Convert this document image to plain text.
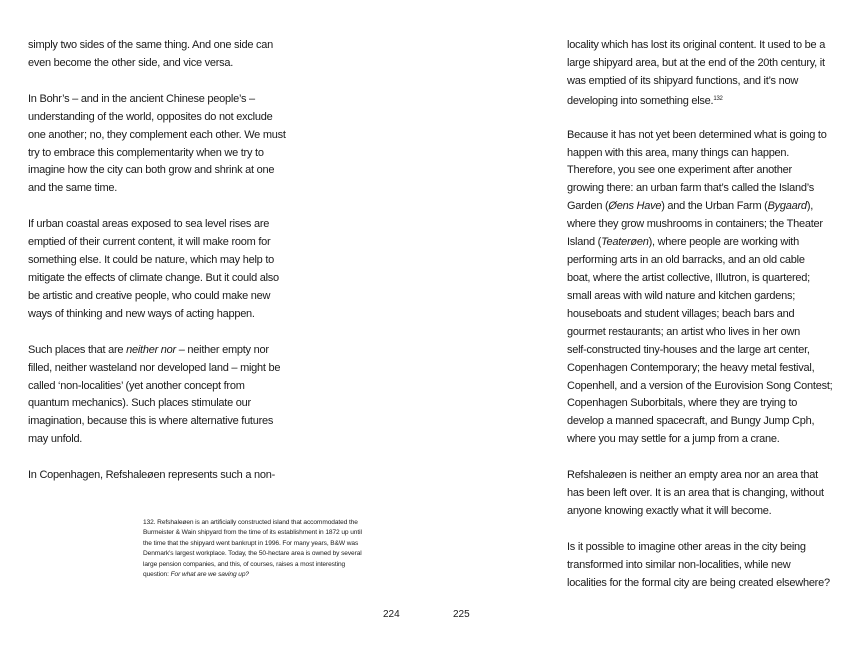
simply two sides of the same thing. And one side can
even become the other side, and vice versa.
In Bohr’s – and in the ancient Chinese people’s –
understanding of the world, opposites do not exclude
one another; no, they complement each other. We must
try to embrace this complementarity when we try to
imagine how the city can both grow and shrink at one
and the same time.
If urban coastal areas exposed to sea level rises are
emptied of their current content, it will make room for
something else. It could be nature, which may help to
mitigate the effects of climate change. But it could also
be artistic and creative people, who could make new
ways of thinking and new ways of acting happen.
Such places that are neither nor – neither empty nor
filled, neither wasteland nor developed land – might be
called ‘non-localities’ (yet another concept from
quantum mechanics). Such places stimulate our
imagination, because this is where alternative futures
may unfold.
In Copenhagen, Refshaleøen represents such a non-
132. Refshaleøen is an artificially constructed island that accommodated the
Burmeister & Wain shipyard from the time of its establishment in 1872 up until
the time that the shipyard went bankrupt in 1996. For many years, B&W was
Denmark’s largest workplace. Today, the 50-hectare area is owned by several
large pension companies, and this, of courses, raises a most interesting
question: For what are we saving up?
locality which has lost its original content. It used to be a
large shipyard area, but at the end of the 20th century, it
was emptied of its shipyard functions, and it’s now
developing into something else.$^{132}$
Because it has not yet been determined what is going to
happen with this area, many things can happen.
Therefore, you see one experiment after another
growing there: an urban farm that’s called the Island’s
Garden (Øens Have) and the Urban Farm (Bygaard),
where they grow mushrooms in containers; the Theater
Island (Teaterøen), where people are working with
performing arts in an old barracks, and an old cable
boat, where the artist collective, Illutron, is quartered;
small areas with wild nature and kitchen gardens;
houseboats and student villages; beach bars and
gourmet restaurants; an artist who lives in her own
self-constructed tiny-houses and the large art center,
Copenhagen Contemporary; the heavy metal festival,
Copenhell, and a version of the Eurovision Song Contest;
Copenhagen Suborbitals, where they are trying to
develop a manned spacecraft, and Bungy Jump Cph,
where you may settle for a jump from a crane.
Refshaleøen is neither an empty area nor an area that
has been left over. It is an area that is changing, without
anyone knowing exactly what it will become.
Is it possible to imagine other areas in the city being
transformed into similar non-localities, while new
localities for the formal city are being created elsewhere?
224	225
